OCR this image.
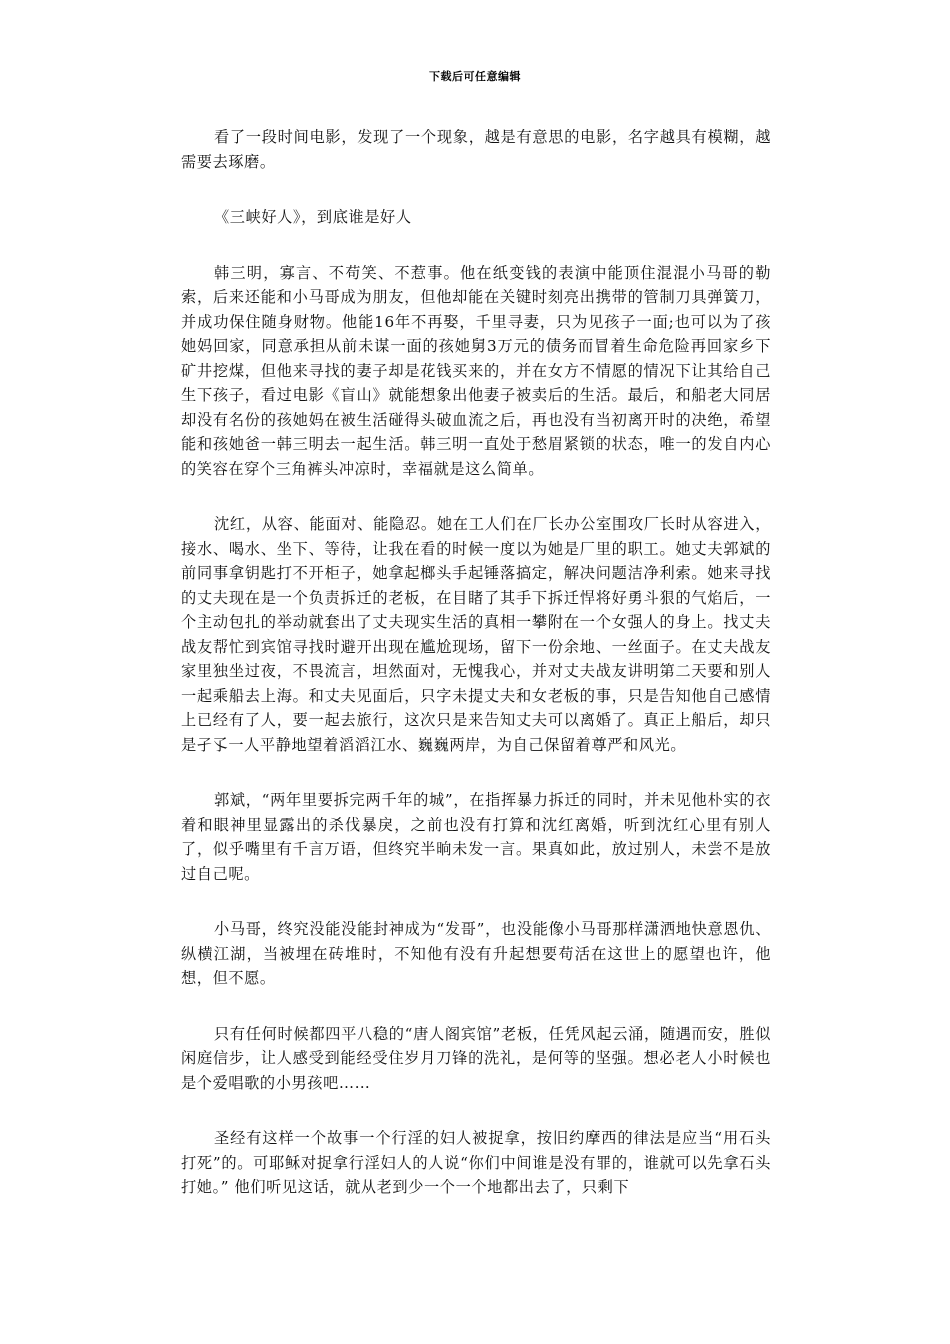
下载后可任意编辑

看了一段时间电影，发现了一个现象，越是有意思的电影，名字越具有模糊，越需要去琢磨。

《三峡好人》，到底谁是好人

韩三明，寡言、不苟笑、不惹事。他在纸变钱的表演中能顶住混混小马哥的勒索，后来还能和小马哥成为朋友，但他却能在关键时刻亮出携带的管制刀具弹簧刀，并成功保住随身财物。他能16年不再娶，千里寻妻，只为见孩子一面;也可以为了孩她妈回家，同意承担从前未谋一面的孩她舅3万元的债务而冒着生命危险再回家乡下矿井挖煤，但他来寻找的妻子却是花钱买来的，并在女方不情愿的情况下让其给自己生下孩子，看过电影《盲山》就能想象出他妻子被卖后的生活。最后，和船老大同居却没有名份的孩她妈在被生活碰得头破血流之后，再也没有当初离开时的决绝，希望能和孩她爸一韩三明去一起生活。韩三明一直处于愁眉紧锁的状态，唯一的发自内心的笑容在穿个三角裤头冲凉时，幸福就是这么简单。

沈红，从容、能面对、能隐忍。她在工人们在厂长办公室围攻厂长时从容进入，接水、喝水、坐下、等待，让我在看的时候一度以为她是厂里的职工。她丈夫郭斌的前同事拿钥匙打不开柜子，她拿起榔头手起锤落搞定，解决问题洁净利索。她来寻找的丈夫现在是一个负责拆迁的老板，在目睹了其手下拆迁悍将好勇斗狠的气焰后，一个主动包扎的举动就套出了丈夫现实生活的真相一攀附在一个女强人的身上。找丈夫战友帮忙到宾馆寻找时避开出现在尴尬现场，留下一份余地、一丝面子。在丈夫战友家里独坐过夜，不畏流言，坦然面对，无愧我心，并对丈夫战友讲明第二天要和别人一起乘船去上海。和丈夫见面后，只字未提丈夫和女老板的事，只是告知他自己感情上已经有了人，要一起去旅行，这次只是来告知丈夫可以离婚了。真正上船后，却只是孑孓一人平静地望着滔滔江水、巍巍两岸，为自己保留着尊严和风光。

郭斌，“两年里要拆完两千年的城”，在指挥暴力拆迁的同时，并未见他朴实的衣着和眼神里显露出的杀伐暴戾，之前也没有打算和沈红离婚，听到沈红心里有别人了，似乎嘴里有千言万语，但终究半晌未发一言。果真如此，放过别人，未尝不是放过自己呢。

小马哥，终究没能没能封神成为“发哥”，也没能像小马哥那样潇洒地快意恩仇、纵横江湖，当被埋在砖堆时，不知他有没有升起想要苟活在这世上的愿望也许，他想，但不愿。

只有任何时候都四平八稳的“唐人阁宾馆”老板，任凭风起云涌，随遇而安，胜似闲庭信步，让人感受到能经受住岁月刀锋的洗礼，是何等的坚强。想必老人小时候也是个爱唱歌的小男孩吧……

圣经有这样一个故事一个行淫的妇人被捉拿，按旧约摩西的律法是应当“用石头打死”的。可耶稣对捉拿行淫妇人的人说“你们中间谁是没有罪的，谁就可以先拿石头打她。” 他们听见这话，就从老到少一个一个地都出去了，只剩下
